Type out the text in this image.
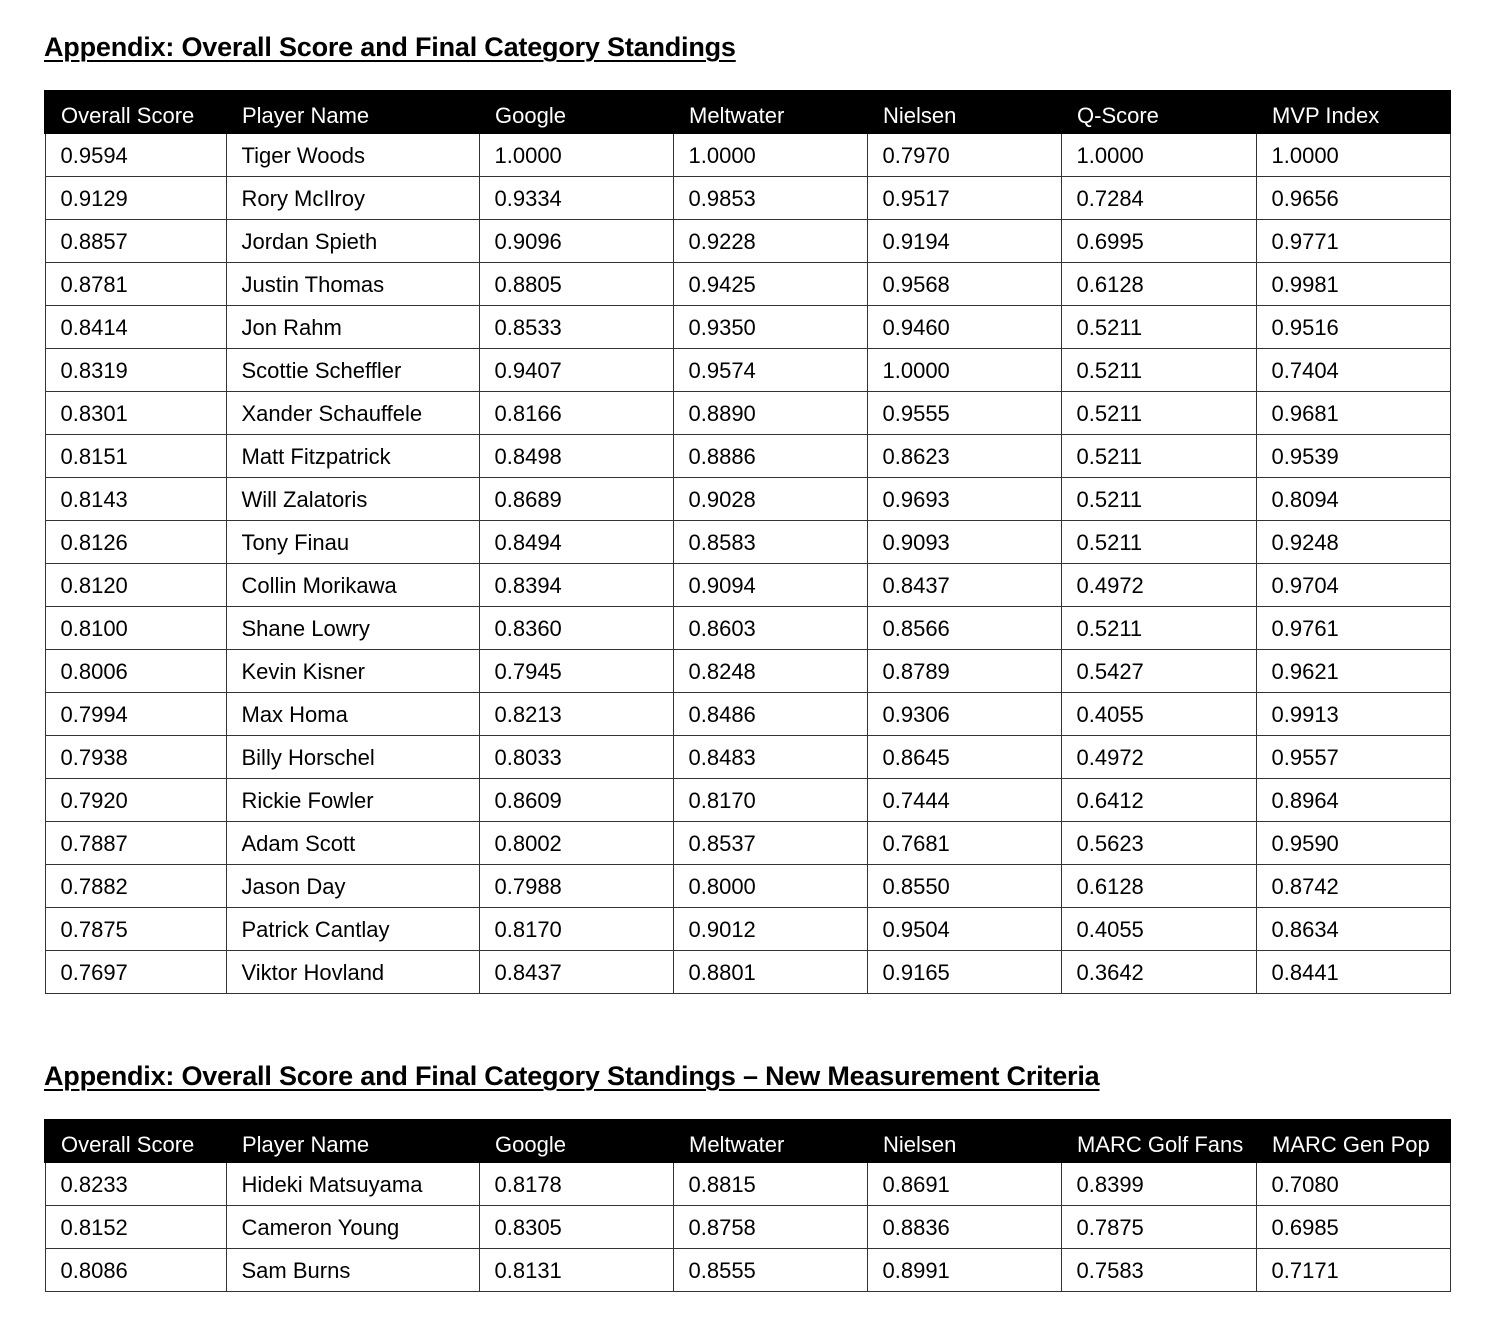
Appendix: Overall Score and Final Category Standings
Overall Score	Player Name	Google	Meltwater	Nielsen	Q-Score	MVP Index
0.9594	Tiger Woods	1.0000	1.0000	0.7970	1.0000	1.0000
0.9129	Rory McIlroy	0.9334	0.9853	0.9517	0.7284	0.9656
0.8857	Jordan Spieth	0.9096	0.9228	0.9194	0.6995	0.9771
0.8781	Justin Thomas	0.8805	0.9425	0.9568	0.6128	0.9981
0.8414	Jon Rahm	0.8533	0.9350	0.9460	0.5211	0.9516
0.8319	Scottie Scheffler	0.9407	0.9574	1.0000	0.5211	0.7404
0.8301	Xander Schauffele	0.8166	0.8890	0.9555	0.5211	0.9681
0.8151	Matt Fitzpatrick	0.8498	0.8886	0.8623	0.5211	0.9539
0.8143	Will Zalatoris	0.8689	0.9028	0.9693	0.5211	0.8094
0.8126	Tony Finau	0.8494	0.8583	0.9093	0.5211	0.9248
0.8120	Collin Morikawa	0.8394	0.9094	0.8437	0.4972	0.9704
0.8100	Shane Lowry	0.8360	0.8603	0.8566	0.5211	0.9761
0.8006	Kevin Kisner	0.7945	0.8248	0.8789	0.5427	0.9621
0.7994	Max Homa	0.8213	0.8486	0.9306	0.4055	0.9913
0.7938	Billy Horschel	0.8033	0.8483	0.8645	0.4972	0.9557
0.7920	Rickie Fowler	0.8609	0.8170	0.7444	0.6412	0.8964
0.7887	Adam Scott	0.8002	0.8537	0.7681	0.5623	0.9590
0.7882	Jason Day	0.7988	0.8000	0.8550	0.6128	0.8742
0.7875	Patrick Cantlay	0.8170	0.9012	0.9504	0.4055	0.8634
0.7697	Viktor Hovland	0.8437	0.8801	0.9165	0.3642	0.8441
Appendix: Overall Score and Final Category Standings – New Measurement Criteria
Overall Score	Player Name	Google	Meltwater	Nielsen	MARC Golf Fans	MARC Gen Pop
0.8233	Hideki Matsuyama	0.8178	0.8815	0.8691	0.8399	0.7080
0.8152	Cameron Young	0.8305	0.8758	0.8836	0.7875	0.6985
0.8086	Sam Burns	0.8131	0.8555	0.8991	0.7583	0.7171
